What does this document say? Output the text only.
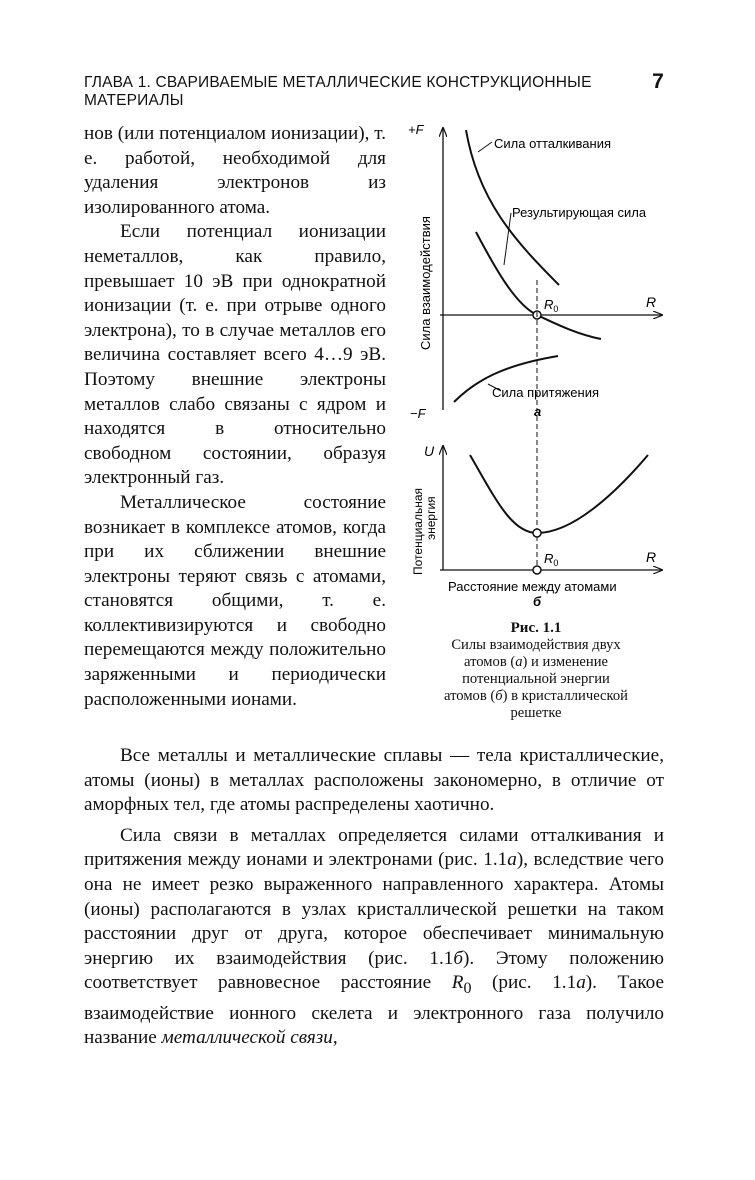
ГЛАВА 1. СВАРИВАЕМЫЕ МЕТАЛЛИЧЕСКИЕ КОНСТРУКЦИОННЫЕ МАТЕРИАЛЫ
7

нов (или потенциалом ионизации), т. е. работой, необходимой для удаления электронов из изолированного атома.

Если потенциал ионизации неметаллов, как правило, превышает 10 эВ при однократной ионизации (т. е. при отрыве одного электрона), то в случае металлов его величина составляет всего 4…9 эВ. Поэтому внешние электроны металлов слабо связаны с ядром и находятся в относительно свободном состоянии, образуя электронный газ.

Металлическое состояние возникает в комплексе атомов, когда при их сближении внешние электроны теряют связь с атомами, становятся общими, т. е. коллективизируются и свободно перемещаются между положительно заряженными и периодически расположенными ионами.

+F
−F
R
Сила взаимодействия
Сила отталкивания
Результирующая сила
Сила притяжения
$R_0$
а
U
R
Потенциальная энергия
$R_0$
Расстояние между атомами
б
Рис. 1.1
Силы взаимодействия двух
атомов (а) и изменение
потенциальной энергии
атомов (б) в кристаллической
решетке

Все металлы и металлические сплавы — тела кристаллические, атомы (ионы) в металлах расположены закономерно, в отличие от аморфных тел, где атомы распределены хаотично.

Сила связи в металлах определяется силами отталкивания и притяжения между ионами и электронами (рис. 1.1а), вследствие чего она не имеет резко выраженного направленного характера. Атомы (ионы) располагаются в узлах кристаллической решетки на таком расстоянии друг от друга, которое обеспечивает минимальную энергию их взаимодействия (рис. 1.1б). Этому положению соответствует равновесное расстояние $R_0$ (рис. 1.1а). Такое взаимодействие ионного скелета и электронного газа получило название металлической связи,
